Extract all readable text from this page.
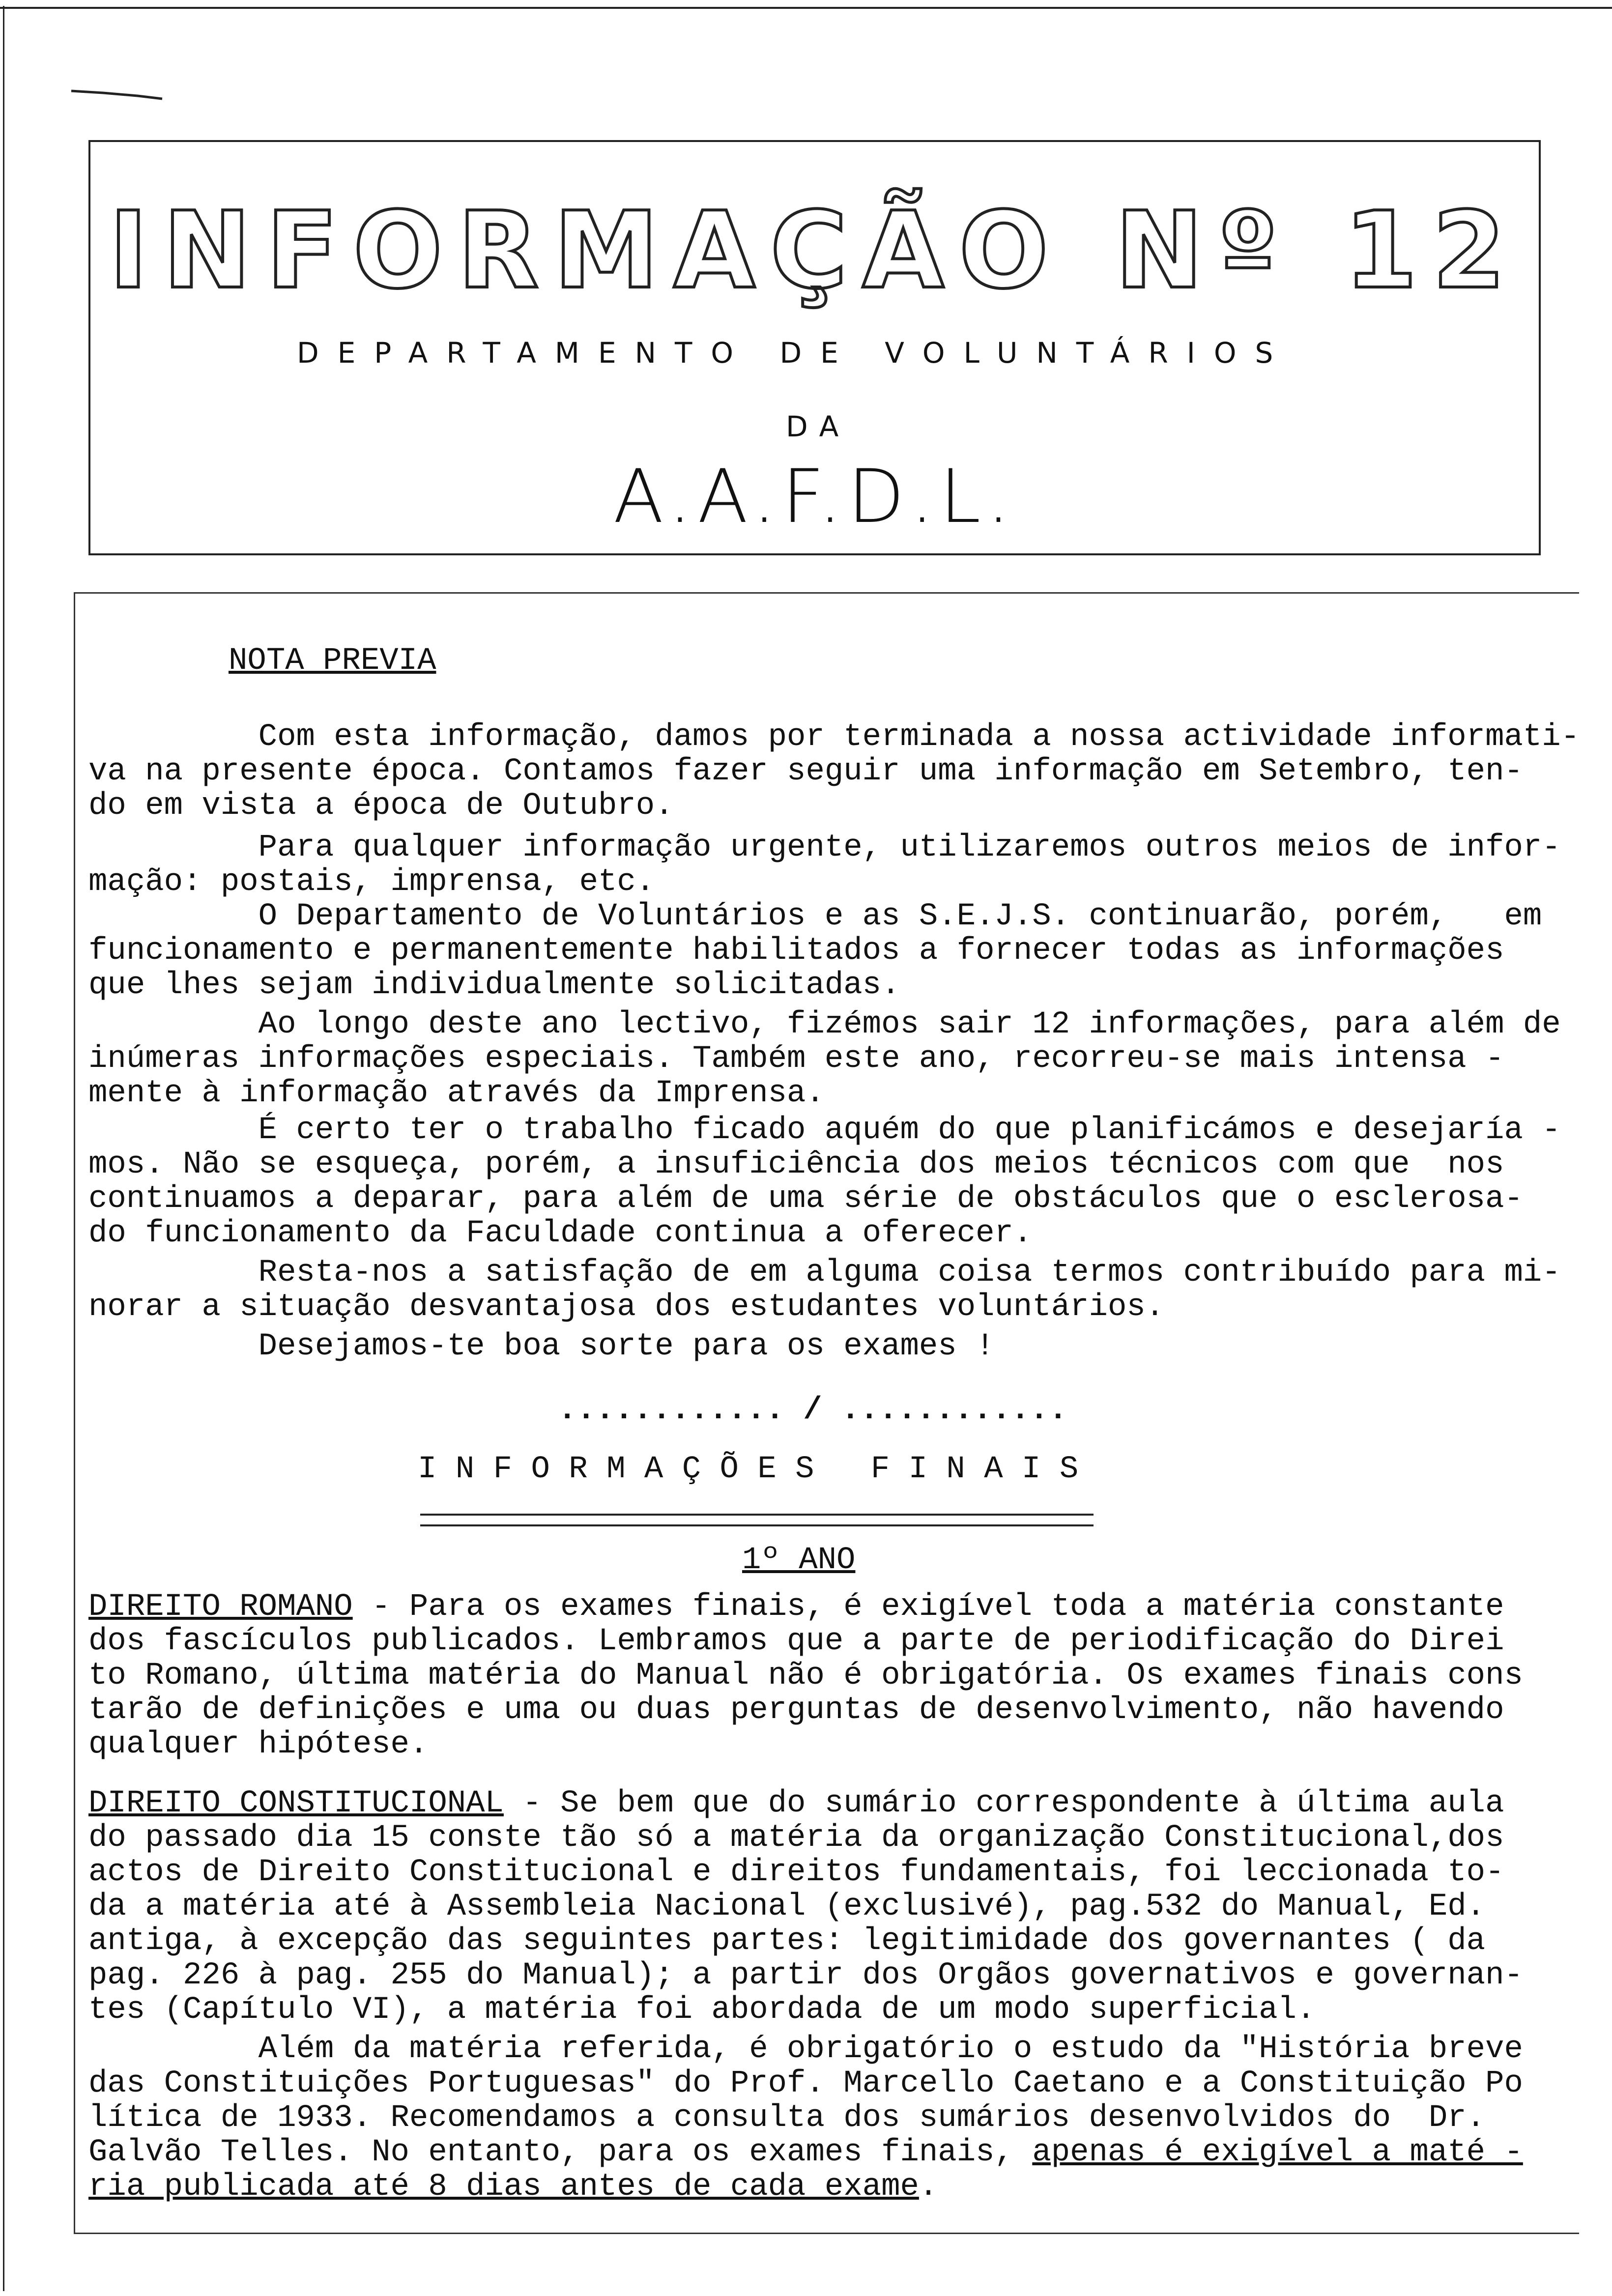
INFORMAÇÃO Nº 12
DEPARTAMENTO DE VOLUNTÁRIOS
DA
A.A.F.D.L.
NOTA PREVIA
Com esta informação, damos por terminada a nossa actividade informati-
va na presente época. Contamos fazer seguir uma informação em Setembro, ten-
do em vista a época de Outubro.
Para qualquer informação urgente, utilizaremos outros meios de infor-
mação: postais, imprensa, etc.
O Departamento de Voluntários e as S.E.J.S. continuarão, porém,   em
funcionamento e permanentemente habilitados a fornecer todas as informações
que lhes sejam individualmente solicitadas.
Ao longo deste ano lectivo, fizémos sair 12 informações, para além de
inúmeras informações especiais. Também este ano, recorreu-se mais intensa -
mente à informação através da Imprensa.
É certo ter o trabalho ficado aquém do que planificámos e desejaría -
mos. Não se esqueça, porém, a insuficiência dos meios técnicos com que  nos
continuamos a deparar, para além de uma série de obstáculos que o esclerosa-
do funcionamento da Faculdade continua a oferecer.
Resta-nos a satisfação de em alguma coisa termos contribuído para mi-
norar a situação desvantajosa dos estudantes voluntários.
Desejamos-te boa sorte para os exames !
............ / ............
I N F O R M A Ç Õ E S   F I N A I S
1º ANO
DIREITO ROMANO - Para os exames finais, é exigível toda a matéria constante
dos fascículos publicados. Lembramos que a parte de periodificação do Direi
to Romano, última matéria do Manual não é obrigatória. Os exames finais cons
tarão de definições e uma ou duas perguntas de desenvolvimento, não havendo
qualquer hipótese.
DIREITO CONSTITUCIONAL - Se bem que do sumário correspondente à última aula
do passado dia 15 conste tão só a matéria da organização Constitucional,dos
actos de Direito Constitucional e direitos fundamentais, foi leccionada to-
da a matéria até à Assembleia Nacional (exclusivé), pag.532 do Manual, Ed.
antiga, à excepção das seguintes partes: legitimidade dos governantes ( da
pag. 226 à pag. 255 do Manual); a partir dos Orgãos governativos e governan-
tes (Capítulo VI), a matéria foi abordada de um modo superficial.
Além da matéria referida, é obrigatório o estudo da "História breve
das Constituições Portuguesas" do Prof. Marcello Caetano e a Constituição Po
lítica de 1933. Recomendamos a consulta dos sumários desenvolvidos do  Dr.
Galvão Telles. No entanto, para os exames finais, apenas é exigível a maté -
ria publicada até 8 dias antes de cada exame.
